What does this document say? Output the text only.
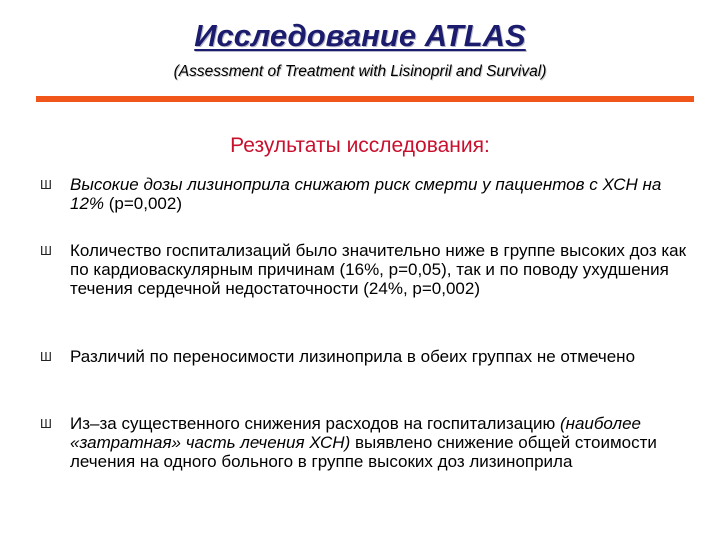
Исследование ATLAS
(Assessment of Treatment with Lisinopril and Survival)
Результаты исследования:
Ш Высокие дозы лизиноприла снижают риск смерти у пациентов с ХСН на 12% (р=0,002)
Ш Количество госпитализаций было значительно ниже в группе высоких доз как по кардиоваскулярным причинам (16%, р=0,05), так и по поводу ухудшения течения сердечной недостаточности (24%, р=0,002)
Ш Различий по переносимости лизиноприла в обеих группах не отмечено
Ш Из–за существенного снижения расходов на госпитализацию (наиболее «затратная» часть лечения ХСН) выявлено снижение общей стоимости лечения на одного больного в группе высоких доз лизиноприла
